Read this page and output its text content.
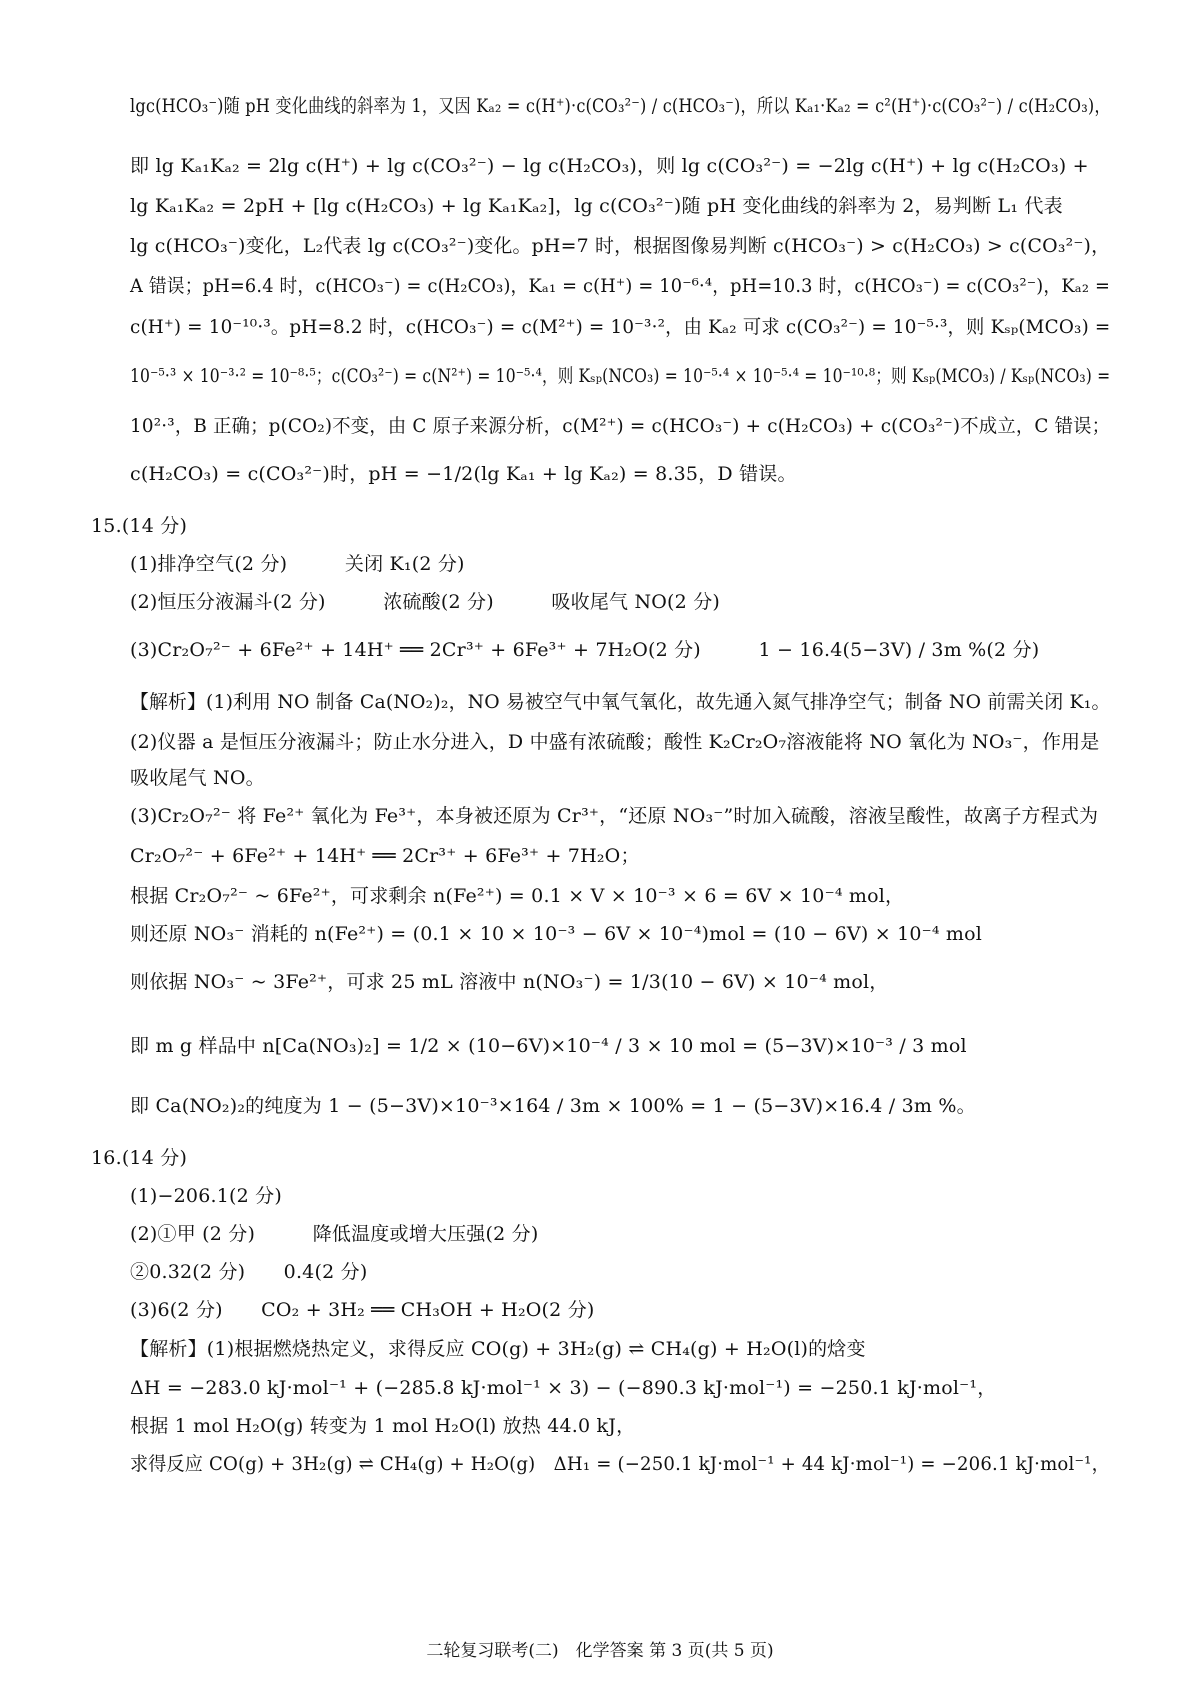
lgc(HCO₃⁻)随 pH 变化曲线的斜率为 1，又因 Kₐ₂ = c(H⁺)·c(CO₃²⁻) / c(HCO₃⁻)，所以 Kₐ₁·Kₐ₂ = c²(H⁺)·c(CO₃²⁻) / c(H₂CO₃)，
即 lg Kₐ₁Kₐ₂ = 2lg c(H⁺) + lg c(CO₃²⁻) − lg c(H₂CO₃)，则 lg c(CO₃²⁻) = −2lg c(H⁺) + lg c(H₂CO₃) +
lg Kₐ₁Kₐ₂ = 2pH + [lg c(H₂CO₃) + lg Kₐ₁Kₐ₂]，lg c(CO₃²⁻)随 pH 变化曲线的斜率为 2，易判断 L₁ 代表
lg c(HCO₃⁻)变化，L₂代表 lg c(CO₃²⁻)变化。pH=7 时，根据图像易判断 c(HCO₃⁻) > c(H₂CO₃) > c(CO₃²⁻)，
A 错误；pH=6.4 时，c(HCO₃⁻) = c(H₂CO₃)，Kₐ₁ = c(H⁺) = 10⁻⁶·⁴，pH=10.3 时，c(HCO₃⁻) = c(CO₃²⁻)，Kₐ₂ =
c(H⁺) = 10⁻¹⁰·³。pH=8.2 时，c(HCO₃⁻) = c(M²⁺) = 10⁻³·²，由 Kₐ₂ 可求 c(CO₃²⁻) = 10⁻⁵·³，则 Kₛₚ(MCO₃) =
10⁻⁵·³ × 10⁻³·² = 10⁻⁸·⁵；c(CO₃²⁻) = c(N²⁺) = 10⁻⁵·⁴，则 Kₛₚ(NCO₃) = 10⁻⁵·⁴ × 10⁻⁵·⁴ = 10⁻¹⁰·⁸；则 Kₛₚ(MCO₃) / Kₛₚ(NCO₃) =
10²·³，B 正确；p(CO₂)不变，由 C 原子来源分析，c(M²⁺) = c(HCO₃⁻) + c(H₂CO₃) + c(CO₃²⁻)不成立，C 错误；
c(H₂CO₃) = c(CO₃²⁻)时，pH = −1/2(lg Kₐ₁ + lg Kₐ₂) = 8.35，D 错误。
15.(14 分)
(1)排净空气(2 分)　　　关闭 K₁(2 分)
(2)恒压分液漏斗(2 分)　　　浓硫酸(2 分)　　　吸收尾气 NO(2 分)
(3)Cr₂O₇²⁻ + 6Fe²⁺ + 14H⁺ ══ 2Cr³⁺ + 6Fe³⁺ + 7H₂O(2 分)　　　1 − 16.4(5−3V) / 3m %(2 分)
【解析】(1)利用 NO 制备 Ca(NO₂)₂，NO 易被空气中氧气氧化，故先通入氮气排净空气；制备 NO 前需关闭 K₁。
(2)仪器 a 是恒压分液漏斗；防止水分进入，D 中盛有浓硫酸；酸性 K₂Cr₂O₇溶液能将 NO 氧化为 NO₃⁻，作用是
吸收尾气 NO。
(3)Cr₂O₇²⁻ 将 Fe²⁺ 氧化为 Fe³⁺，本身被还原为 Cr³⁺，“还原 NO₃⁻”时加入硫酸，溶液呈酸性，故离子方程式为
Cr₂O₇²⁻ + 6Fe²⁺ + 14H⁺ ══ 2Cr³⁺ + 6Fe³⁺ + 7H₂O；
根据 Cr₂O₇²⁻ ~ 6Fe²⁺，可求剩余 n(Fe²⁺) = 0.1 × V × 10⁻³ × 6 = 6V × 10⁻⁴ mol，
则还原 NO₃⁻ 消耗的 n(Fe²⁺) = (0.1 × 10 × 10⁻³ − 6V × 10⁻⁴)mol = (10 − 6V) × 10⁻⁴ mol
则依据 NO₃⁻ ~ 3Fe²⁺，可求 25 mL 溶液中 n(NO₃⁻) = 1/3(10 − 6V) × 10⁻⁴ mol，
即 m g 样品中 n[Ca(NO₃)₂] = 1/2 × (10−6V)×10⁻⁴ / 3 × 10 mol = (5−3V)×10⁻³ / 3 mol
即 Ca(NO₂)₂的纯度为 1 − (5−3V)×10⁻³×164 / 3m × 100% = 1 − (5−3V)×16.4 / 3m %。
16.(14 分)
(1)−206.1(2 分)
(2)①甲 (2 分)　　　降低温度或增大压强(2 分)
②0.32(2 分)　　0.4(2 分)
(3)6(2 分)　　CO₂ + 3H₂ ══ CH₃OH + H₂O(2 分)
【解析】(1)根据燃烧热定义，求得反应 CO(g) + 3H₂(g) ⇌ CH₄(g) + H₂O(l)的焓变
ΔH = −283.0 kJ·mol⁻¹ + (−285.8 kJ·mol⁻¹ × 3) − (−890.3 kJ·mol⁻¹) = −250.1 kJ·mol⁻¹，
根据 1 mol H₂O(g) 转变为 1 mol H₂O(l) 放热 44.0 kJ，
求得反应 CO(g) + 3H₂(g) ⇌ CH₄(g) + H₂O(g)　ΔH₁ = (−250.1 kJ·mol⁻¹ + 44 kJ·mol⁻¹) = −206.1 kJ·mol⁻¹，
二轮复习联考(二)　化学答案 第 3 页(共 5 页)
